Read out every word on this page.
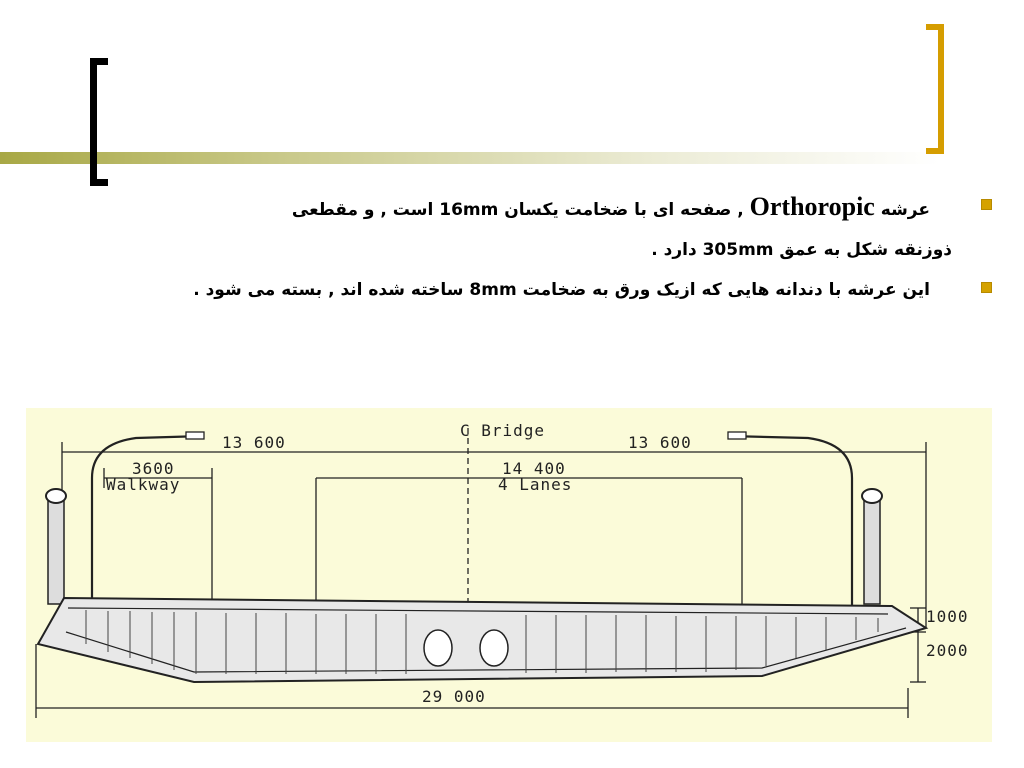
عرشه Orthoropic , صفحه ای با ضخامت یکسان 16mm است , و مقطعی
ذوزنقه شکل به عمق 305mm دارد .
این عرشه با دندانه هایی که ازیک ورق به ضخامت 8mm ساخته شده اند , بسته می شود .
C Bridge
13 600	13 600
3600
Walkway
14 400
4 Lanes
29 000
1000
2000
